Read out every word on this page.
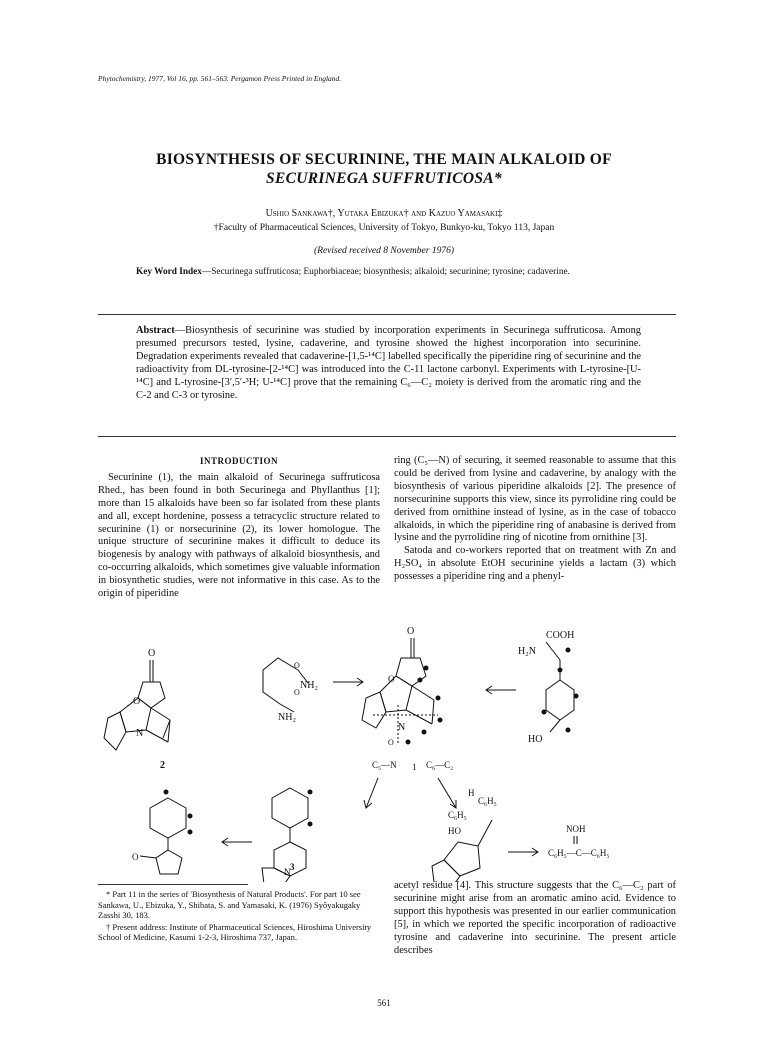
Phytochemistry, 1977, Vol 16, pp. 561–563. Pergamon Press Printed in England.
BIOSYNTHESIS OF SECURININE, THE MAIN ALKALOID OF
SECURINEGA SUFFRUTICOSA*
Ushio Sankawa†, Yutaka Ebizuka† and Kazuo Yamasaki‡
†Faculty of Pharmaceutical Sciences, University of Tokyo, Bunkyo-ku, Tokyo 113, Japan
(Revised received 8 November 1976)
Key Word Index—Securinega suffruticosa; Euphorbiaceae; biosynthesis; alkaloid; securinine; tyrosine; cadaverine.
Abstract—Biosynthesis of securinine was studied by incorporation experiments in Securinega suffruticosa. Among presumed precursors tested, lysine, cadaverine, and tyrosine showed the highest incorporation into securinine. Degradation experiments revealed that cadaverine-[1,5-¹⁴C] labelled specifically the piperidine ring of securinine and the radioactivity from DL-tyrosine-[2-¹⁴C] was introduced into the C-11 lactone carbonyl. Experiments with L-tyrosine-[U-¹⁴C] and L-tyrosine-[3′,5′-³H; U-¹⁴C] prove that the remaining C₆—C₂ moiety is derived from the aromatic ring and the C-2 and C-3 or tyrosine.

INTRODUCTION

Securinine (1), the main alkaloid of Securinega suffruticosa Rhed., has been found in both Securinega and Phyllanthus [1]; more than 15 alkaloids have been so far isolated from these plants and all, except hordenine, possess a tetracyclic structure related to securinine (1) or norsecurinine (2), its lower homologue. The unique structure of securinine makes it difficult to deduce its biogenesis by analogy with pathways of alkaloid biosynthesis, and co-occurring alkaloids, which sometimes give valuable information in biosynthetic studies, were not informative in this case. As to the origin of piperidine

ring (C₅—N) of securing, it seemed reasonable to assume that this could be derived from lysine and cadaverine, by analogy with the biosynthesis of various piperidine alkaloids [2]. The presence of norsecurinine supports this view, since its pyrrolidine ring could be derived from ornithine instead of lysine, as in the case of tobacco alkaloids, in which the piperidine ring of anabasine is derived from lysine and the pyrrolidine ring of nicotine from ornithine [3].

Satoda and co-workers reported that on treatment with Zn and H₂SO₄ in absolute EtOH securinine yields a lactam (3) which possesses a piperidine ring and a phenyl-

O
O
N
2
O
O
NH₂
NH₂
O
O
N
O
C₅—N 1 C₆—C₂
COOH
H₂N
HO
N 3
O
H
C₆H₅
C₆H₅
HO	NOH
C₆H₅—C—C₆H₅

* Part 11 in the series of 'Biosynthesis of Natural Products'. For part 10 see Sankawa, U., Ebizuka, Y., Shibata, S. and Yamasaki, K. (1976) Syôyakugaky Zasshi 30, 183.

† Present address: Institute of Pharmaceutical Sciences, Hiroshima University School of Medicine, Kasumi 1-2-3, Hiroshima 737, Japan.

acetyl residue [4]. This structure suggests that the C₆—C₂ part of securinine might arise from an aromatic amino acid. Evidence to support this hypothesis was presented in our earlier communication [5], in which we reported the specific incorporation of radioactive tyrosine and cadaverine into securinine. The present article describes
561
